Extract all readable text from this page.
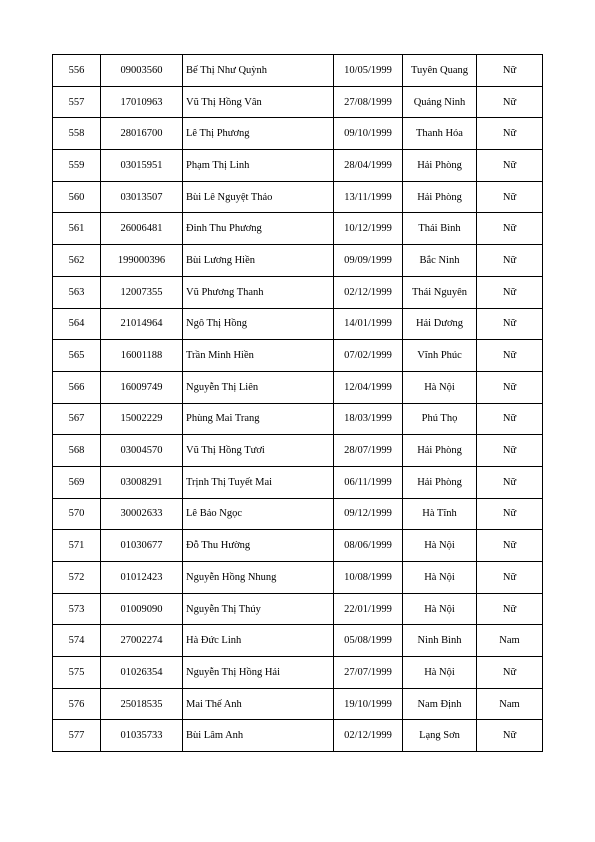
556	09003560	Bế Thị Như Quỳnh	10/05/1999	Tuyên Quang	Nữ
557	17010963	Vũ Thị Hồng Vân	27/08/1999	Quảng Ninh	Nữ
558	28016700	Lê Thị Phương	09/10/1999	Thanh Hóa	Nữ
559	03015951	Phạm Thị Linh	28/04/1999	Hải Phòng	Nữ
560	03013507	Bùi Lê Nguyệt Thảo	13/11/1999	Hải Phòng	Nữ
561	26006481	Đinh Thu Phương	10/12/1999	Thái Bình	Nữ
562	199000396	Bùi Lương Hiền	09/09/1999	Bắc Ninh	Nữ
563	12007355	Vũ Phương Thanh	02/12/1999	Thái Nguyên	Nữ
564	21014964	Ngô Thị Hồng	14/01/1999	Hải Dương	Nữ
565	16001188	Trần Minh Hiền	07/02/1999	Vĩnh Phúc	Nữ
566	16009749	Nguyễn Thị Liên	12/04/1999	Hà Nội	Nữ
567	15002229	Phùng Mai Trang	18/03/1999	Phú Thọ	Nữ
568	03004570	Vũ Thị Hồng Tươi	28/07/1999	Hải Phòng	Nữ
569	03008291	Trịnh Thị Tuyết Mai	06/11/1999	Hải Phòng	Nữ
570	30002633	Lê Bảo Ngọc	09/12/1999	Hà Tĩnh	Nữ
571	01030677	Đỗ Thu Hường	08/06/1999	Hà Nội	Nữ
572	01012423	Nguyễn Hồng Nhung	10/08/1999	Hà Nội	Nữ
573	01009090	Nguyễn Thị Thúy	22/01/1999	Hà Nội	Nữ
574	27002274	Hà Đức Linh	05/08/1999	Ninh Bình	Nam
575	01026354	Nguyễn Thị Hồng Hải	27/07/1999	Hà Nội	Nữ
576	25018535	Mai Thế Anh	19/10/1999	Nam Định	Nam
577	01035733	Bùi Lâm Anh	02/12/1999	Lạng Sơn	Nữ
